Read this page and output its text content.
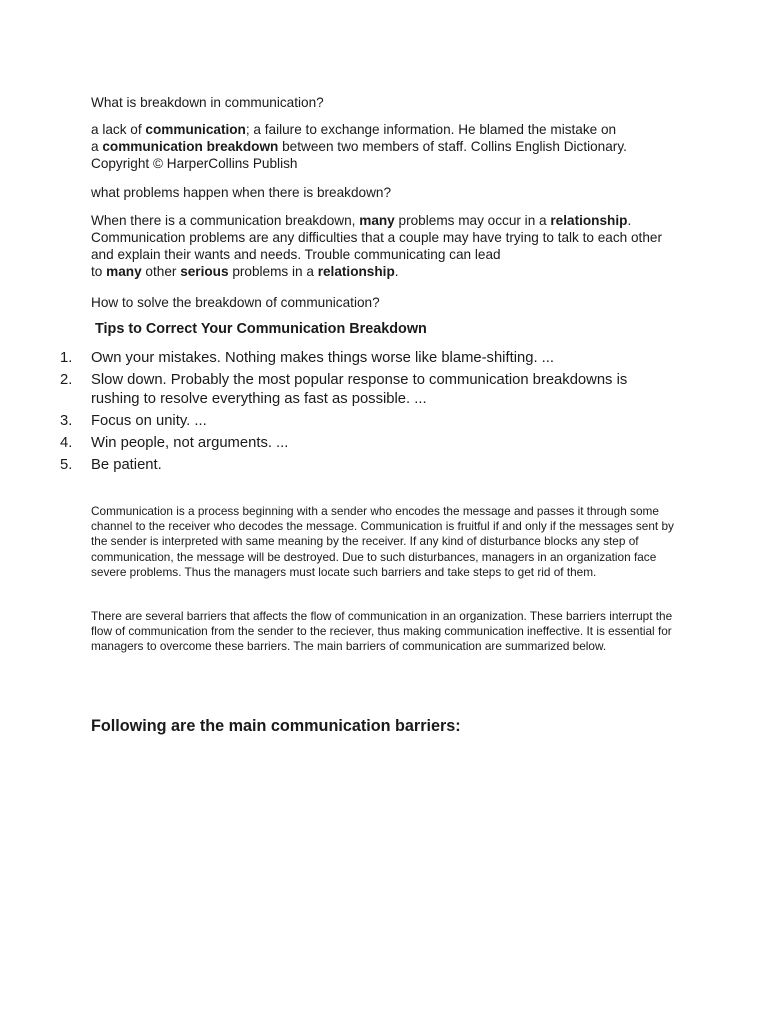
What is breakdown in communication?

a lack of communication; a failure to exchange information. He blamed the mistake on
a communication breakdown between two members of staff. Collins English Dictionary.
Copyright © HarperCollins Publish

what problems happen when there is breakdown?

When there is a communication breakdown, many problems may occur in a relationship.
Communication problems are any difficulties that a couple may have trying to talk to each other
and explain their wants and needs. Trouble communicating can lead
to many other serious problems in a relationship.

How to solve the breakdown of communication?

Tips to Correct Your Communication Breakdown

1.	Own your mistakes. Nothing makes things worse like blame-shifting. ...
2.	Slow down. Probably the most popular response to communication breakdowns is rushing to resolve everything as fast as possible. ...
3.	Focus on unity. ...
4.	Win people, not arguments. ...
5.	Be patient.

Communication is a process beginning with a sender who encodes the message and passes it through some channel to the receiver who decodes the message. Communication is fruitful if and only if the messages sent by the sender is interpreted with same meaning by the receiver. If any kind of disturbance blocks any step of communication, the message will be destroyed. Due to such disturbances, managers in an organization face severe problems. Thus the managers must locate such barriers and take steps to get rid of them.

There are several barriers that affects the flow of communication in an organization. These barriers interrupt the flow of communication from the sender to the reciever, thus making communication ineffective. It is essential for managers to overcome these barriers. The main barriers of communication are summarized below.

Following are the main communication barriers:
